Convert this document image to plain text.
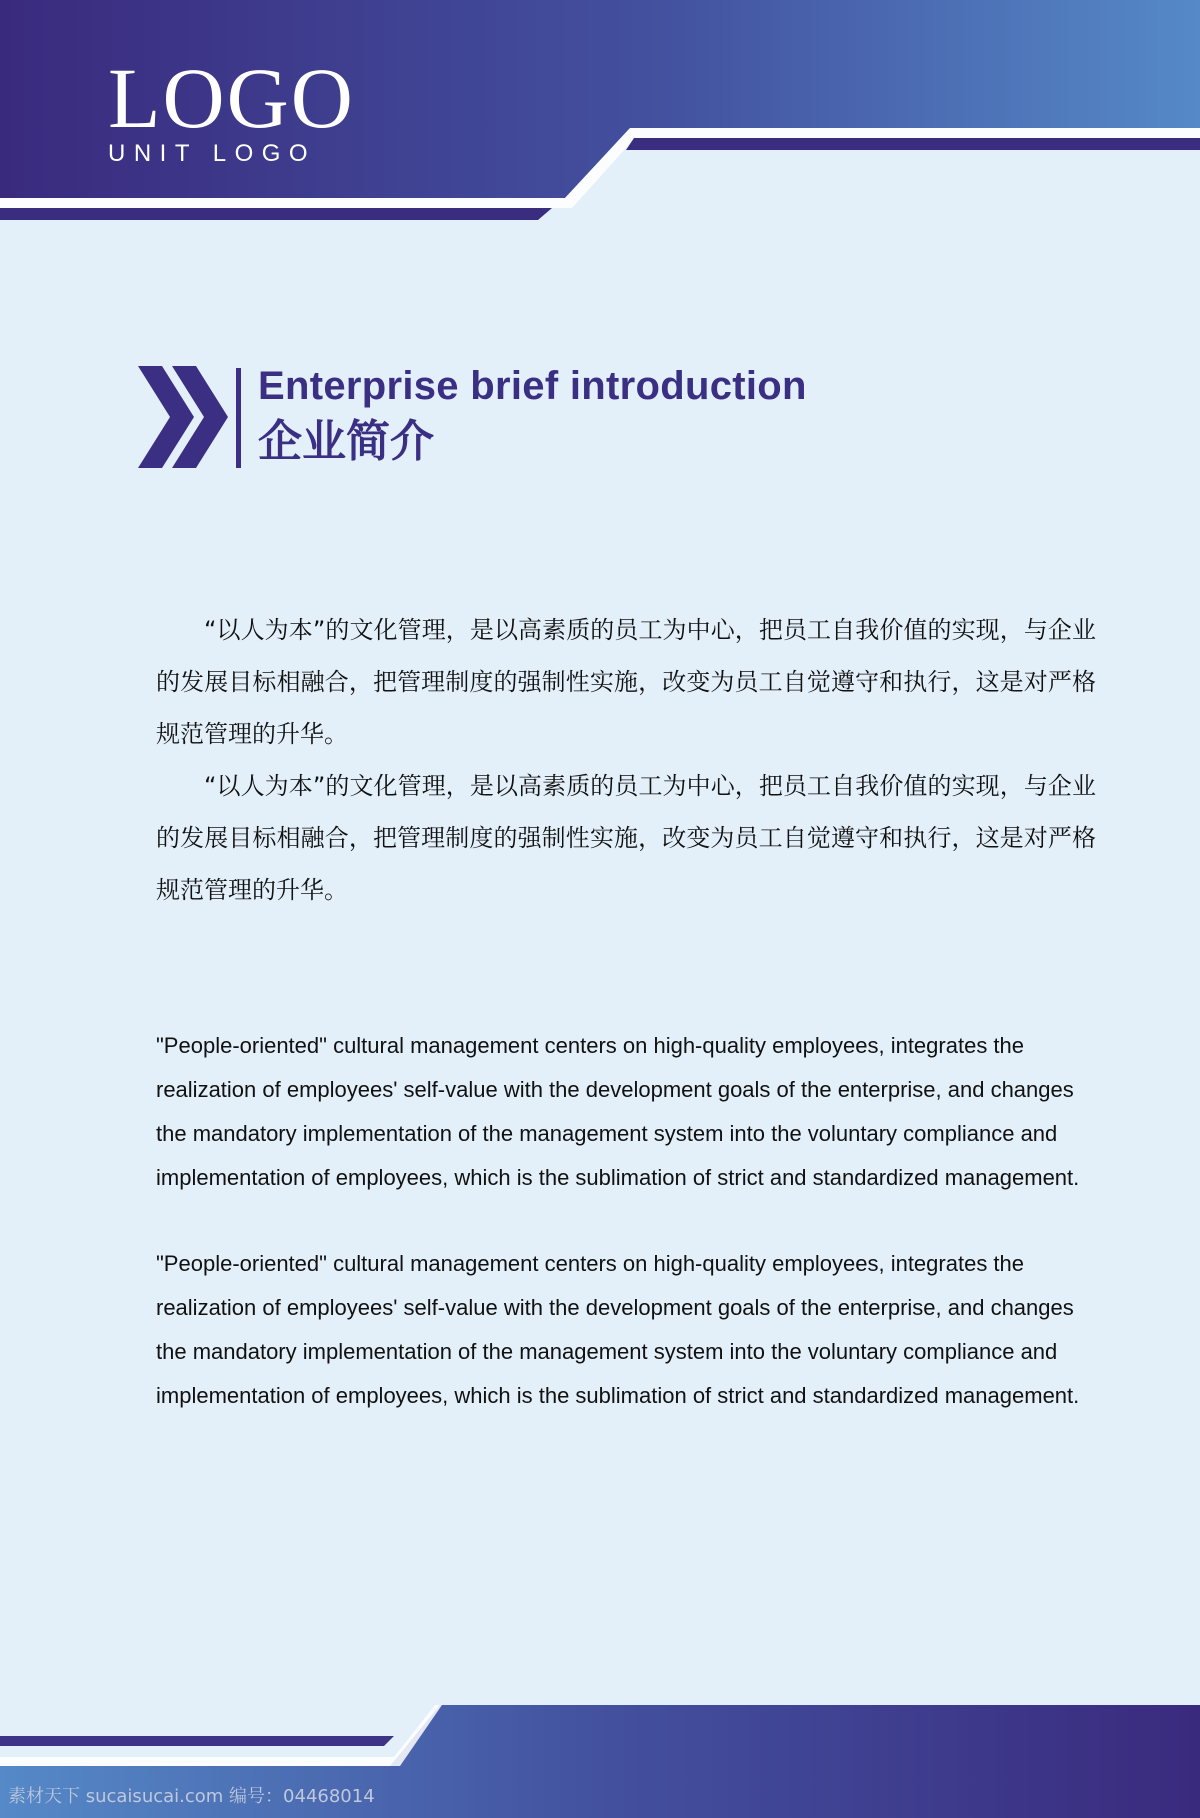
LOGO
UNIT LOGO
Enterprise brief introduction
企业简介

“以人为本”的文化管理，是以高素质的员工为中心，把员工自我价值的实现，与企业的发展目标相融合，把管理制度的强制性实施，改变为员工自觉遵守和执行，这是对严格规范管理的升华。

“以人为本”的文化管理，是以高素质的员工为中心，把员工自我价值的实现，与企业的发展目标相融合，把管理制度的强制性实施，改变为员工自觉遵守和执行，这是对严格规范管理的升华。

"People-oriented" cultural management centers on high-quality employees, integrates the realization of employees' self-value with the development goals of the enterprise, and changes the mandatory implementation of the management system into the voluntary compliance and implementation of employees, which is the sublimation of strict and standardized management.

"People-oriented" cultural management centers on high-quality employees, integrates the realization of employees' self-value with the development goals of the enterprise, and changes the mandatory implementation of the management system into the voluntary compliance and implementation of employees, which is the sublimation of strict and standardized management.

素材天下 sucaisucai.com 编号：04468014
